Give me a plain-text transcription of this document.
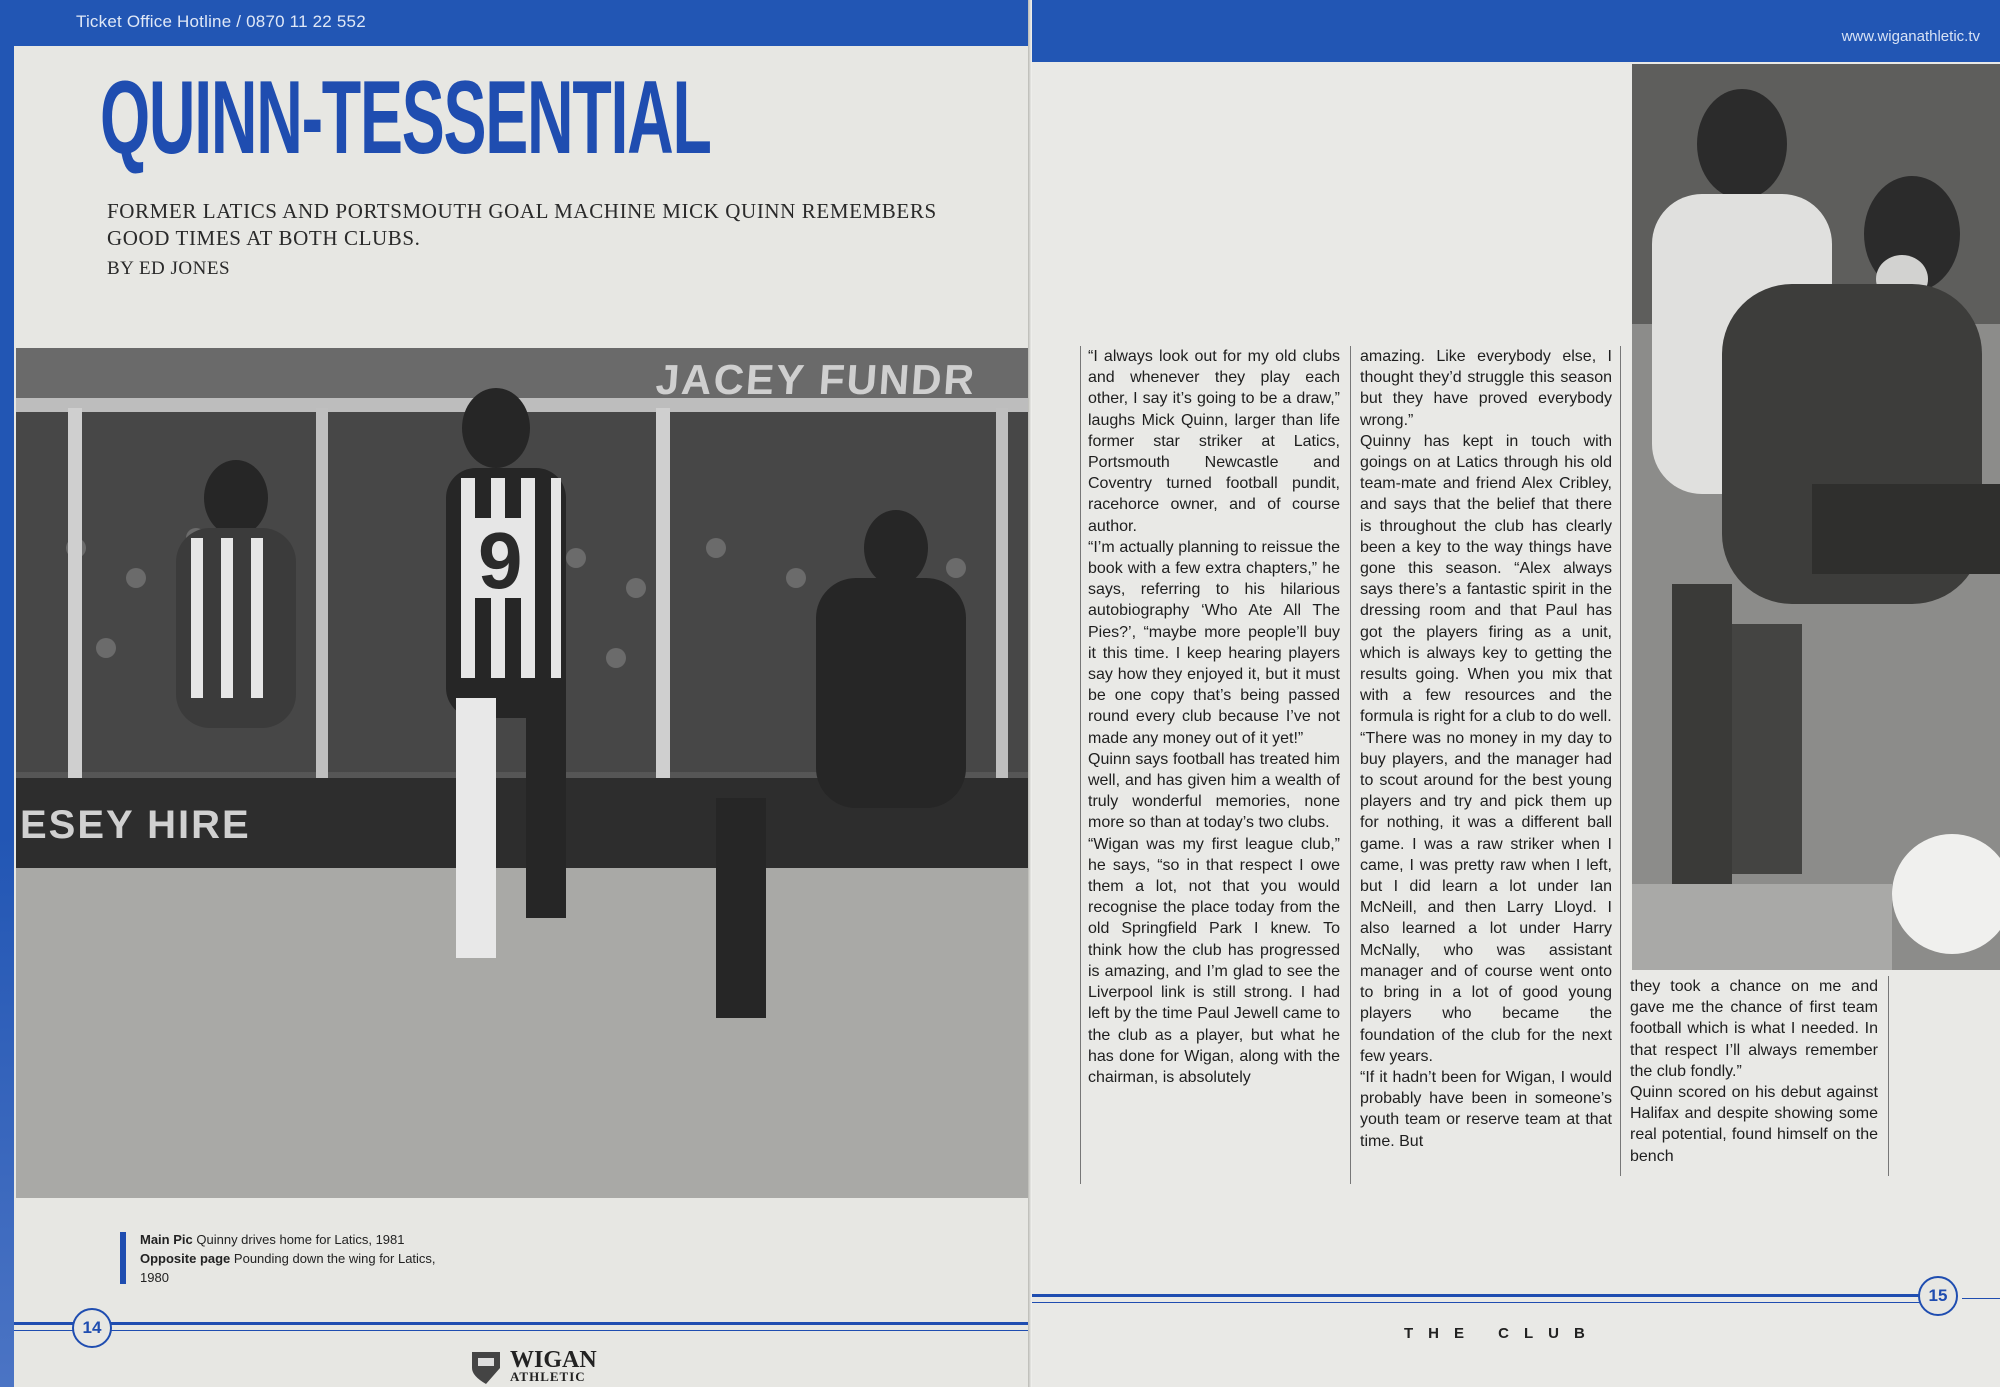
Ticket Office Hotline / 0870 11 22 552
QUINN-TESSENTIAL
FORMER LATICS AND PORTSMOUTH GOAL MACHINE MICK QUINN REMEMBERS GOOD TIMES AT BOTH CLUBS.
BY ED JONES
9
JACEY FUNDR
ESEY HIRE
Main Pic Quinny drives home for Latics, 1981
Opposite page Pounding down the wing for Latics, 1980
14
WIGAN
ATHLETIC
www.wiganathletic.tv

“I always look out for my old clubs and whenever they play each other, I say it’s going to be a draw,” laughs Mick Quinn, larger than life former star striker at Latics, Portsmouth Newcastle and Coventry turned football pundit, racehorce owner, and of course author.

“I’m actually planning to reissue the book with a few extra chapters,” he says, referring to his hilarious autobiography ‘Who Ate All The Pies?’, “maybe more people’ll buy it this time. I keep hearing players say how they enjoyed it, but it must be one copy that’s being passed round every club because I’ve not made any money out of it yet!”

Quinn says football has treated him well, and has given him a wealth of truly wonderful memories, none more so than at today’s two clubs.

“Wigan was my first league club,” he says, “so in that respect I owe them a lot, not that you would recognise the place today from the old Springfield Park I knew. To think how the club has progressed is amazing, and I’m glad to see the Liverpool link is still strong. I had left by the time Paul Jewell came to the club as a player, but what he has done for Wigan, along with the chairman, is absolutely

amazing. Like everybody else, I thought they’d struggle this season but they have proved everybody wrong.”

Quinny has kept in touch with goings on at Latics through his old team-mate and friend Alex Cribley, and says that the belief that there is throughout the club has clearly been a key to the way things have gone this season. “Alex always says there’s a fantastic spirit in the dressing room and that Paul has got the players firing as a unit, which is always key to getting the results going. When you mix that with a few resources and the formula is right for a club to do well.

“There was no money in my day to buy players, and the manager had to scout around for the best young players and try and pick them up for nothing, it was a different ball game. I was a raw striker when I came, I was pretty raw when I left, but I did learn a lot under Ian McNeill, and then Larry Lloyd. I also learned a lot under Harry McNally, who was assistant manager and of course went onto to bring in a lot of good young players who became the foundation of the club for the next few years.

“If it hadn’t been for Wigan, I would probably have been in someone’s youth team or reserve team at that time. But

they took a chance on me and gave me the chance of first team football which is what I needed. In that respect I’ll always remember the club fondly.”

Quinn scored on his debut against Halifax and despite showing some real potential, found himself on the bench

15
THE CLUB
